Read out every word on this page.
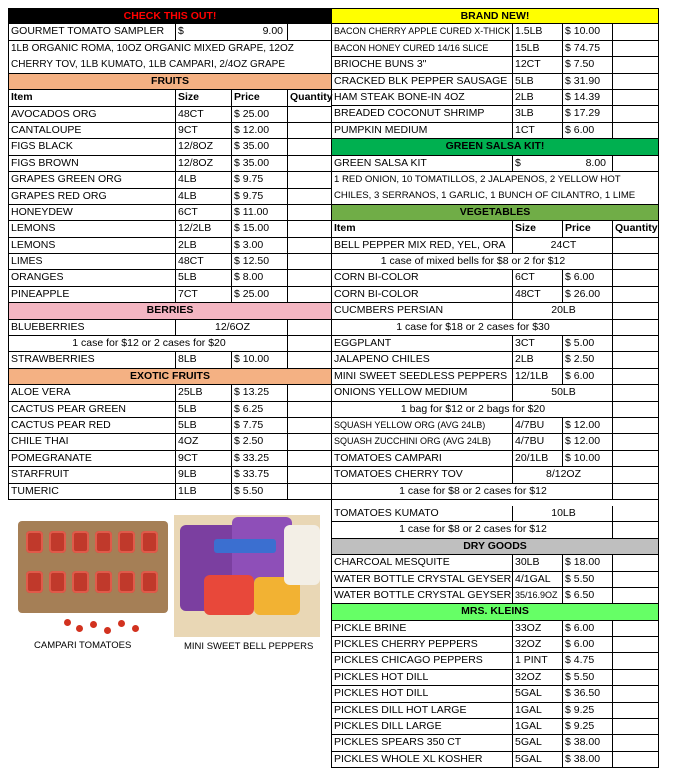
CHECK THIS OUT!
GOURMET TOMATO SAMPLER	$	9.00
1LB ORGANIC ROMA, 10OZ ORGANIC MIXED GRAPE, 12OZ CHERRY TOV, 1LB KUMATO, 1LB CAMPARI, 2/4OZ GRAPE
FRUITS
Item	Size	Price	Quantity
AVOCADOS ORG	48CT	$ 25.00
CANTALOUPE	9CT	$ 12.00
FIGS BLACK	12/8OZ	$ 35.00
FIGS BROWN	12/8OZ	$ 35.00
GRAPES GREEN ORG	4LB	$ 9.75
GRAPES RED ORG	4LB	$ 9.75
HONEYDEW	6CT	$ 11.00
LEMONS	12/2LB	$ 15.00
LEMONS	2LB	$ 3.00
LIMES	48CT	$ 12.50
ORANGES	5LB	$ 8.00
PINEAPPLE	7CT	$ 25.00
BERRIES
BLUEBERRIES	12/6OZ
1 case for $12 or 2 cases for $20
STRAWBERRIES	8LB	$ 10.00
EXOTIC FRUITS
ALOE VERA	25LB	$ 13.25
CACTUS PEAR GREEN	5LB	$ 6.25
CACTUS PEAR RED	5LB	$ 7.75
CHILE THAI	4OZ	$ 2.50
POMEGRANATE	9CT	$ 33.25
STARFRUIT	9LB	$ 33.75
TUMERIC	1LB	$ 5.50
BRAND NEW!
BACON CHERRY APPLE CURED X-THICK 1.5LB	$ 10.00
BACON HONEY CURED 14/16 SLICE	15LB	$ 74.75
BRIOCHE BUNS 3"	12CT	$ 7.50
CRACKED BLK PEPPER SAUSAGE 5LB	$ 31.90
HAM STEAK BONE-IN 4OZ	2LB	$ 14.39
BREADED COCONUT SHRIMP	3LB	$ 17.29
PUMPKIN MEDIUM	1CT	$ 6.00
GREEN SALSA KIT!
GREEN SALSA KIT	$	8.00
1 RED ONION, 10 TOMATILLOS, 2 JALAPENOS, 2 YELLOW HOT CHILES, 3 SERRANOS, 1 GARLIC, 1 BUNCH OF CILANTRO, 1 LIME
VEGETABLES
Item	Size	Price	Quantity
BELL PEPPER MIX RED, YEL, ORA	24CT
1 case of mixed bells for $8 or 2 for $12
CORN BI-COLOR	6CT	$ 6.00
CORN BI-COLOR	48CT	$ 26.00
CUCMBERS PERSIAN	20LB
1 case for $18 or 2 cases for $30
EGGPLANT	3CT	$ 5.00
JALAPENO CHILES	2LB	$ 2.50
MINI SWEET SEEDLESS PEPPERS 12/1LB	$ 6.00
ONIONS YELLOW MEDIUM	50LB
1 bag for $12 or 2 bags for $20
SQUASH YELLOW ORG (AVG 24LB)	4/7BU	$ 12.00
SQUASH ZUCCHINI ORG (AVG 24LB)	4/7BU	$ 12.00
TOMATOES CAMPARI	20/1LB	$ 10.00
TOMATOES CHERRY TOV	8/12OZ
1 case for $8 or 2 cases for $12
TOMATOES KUMATO	10LB
1 case for $8 or 2 cases for $12
DRY GOODS
CHARCOAL MESQUITE	30LB	$ 18.00
WATER BOTTLE CRYSTAL GEYSER 4/1GAL	$ 5.50
WATER BOTTLE CRYSTAL GEYSER 35/16.9OZ $ 6.50
MRS. KLEINS
PICKLE BRINE	33OZ	$ 6.00
PICKLES CHERRY PEPPERS	32OZ	$ 6.00
PICKLES CHICAGO PEPPERS	1 PINT	$ 4.75
PICKLES HOT DILL	32OZ	$ 5.50
PICKLES HOT DILL	5GAL	$ 36.50
PICKLES DILL HOT LARGE	1GAL	$ 9.25
PICKLES DILL LARGE	1GAL	$ 9.25
PICKLES SPEARS 350 CT	5GAL	$ 38.00
PICKLES WHOLE XL KOSHER	5GAL	$ 38.00
CAMPARI TOMATOES	MINI SWEET BELL PEPPERS
